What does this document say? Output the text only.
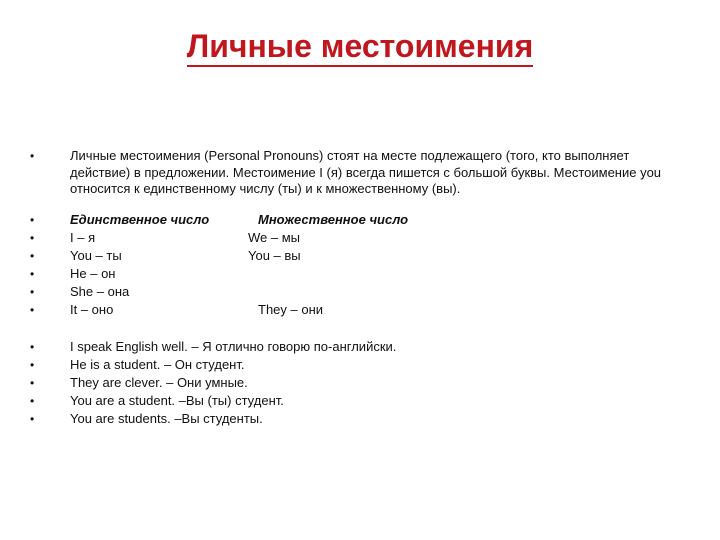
Личные местоимения
•	Личные местоимения (Personal Pronouns) стоят на месте подлежащего (того, кто выполняет действие) в предложении. Местоимение I (я) всегда пишется с большой буквы. Местоимение you относится к единственному числу (ты) и к множественному (вы).
•
•
•
•
•
•
Единственное число	Множественное число
I – я
You – ты
He – он
She – она
It – оно
We – мы
You – вы
They – они
•
•
•
•
•
I speak English well. – Я отлично говорю по-английски.
He is a student. – Он студент.
They are clever. – Они умные.
You are a student. –Вы (ты) студент.
You are students. –Вы студенты.
